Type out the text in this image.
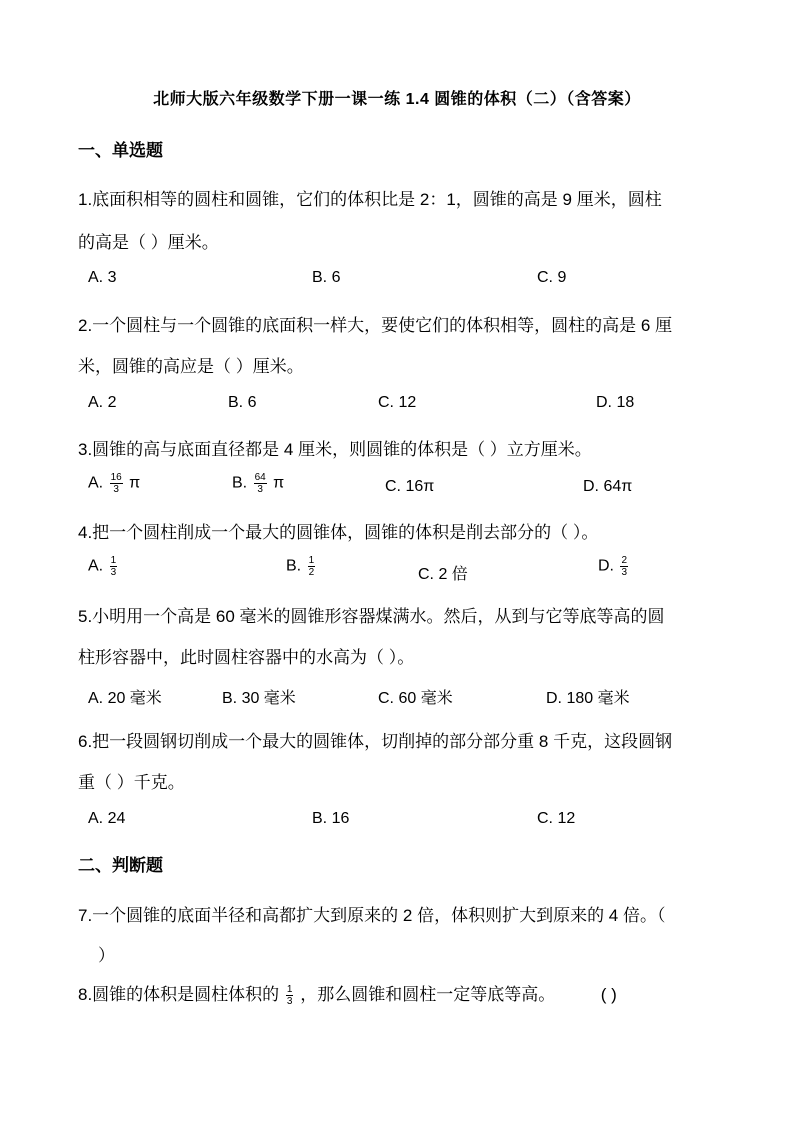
北师大版六年级数学下册一课一练 1.4 圆锥的体积（二）（含答案）
一、单选题
1.底面积相等的圆柱和圆锥，它们的体积比是 2：1，圆锥的高是 9 厘米，圆柱
的高是（ ）厘米。
A. 3	B. 6	C. 9
2.一个圆柱与一个圆锥的底面积一样大，要使它们的体积相等，圆柱的高是 6 厘
米，圆锥的高应是（ ）厘米。
A. 2	B. 6	C. 12	D. 18
3.圆锥的高与底面直径都是 4 厘米，则圆锥的体积是（ ）立方厘米。
A. $\frac{16}{3}$ π	B. $\frac{64}{3}$ π	C. 16π	D. 64π
4.把一个圆柱削成一个最大的圆锥体，圆锥的体积是削去部分的（ ）。
A. $\frac{1}{3}$	B. $\frac{1}{2}$	C. 2 倍	D. $\frac{2}{3}$
5.小明用一个高是 60 毫米的圆锥形容器煤满水。然后，从到与它等底等高的圆
柱形容器中，此时圆柱容器中的水高为（ ）。
A. 20 毫米	B. 30 毫米	C. 60 毫米	D. 180 毫米
6.把一段圆钢切削成一个最大的圆锥体，切削掉的部分部分重 8 千克，这段圆钢
重（ ）千克。
A. 24	B. 16	C. 12
二、判断题
7.一个圆锥的底面半径和高都扩大到原来的 2 倍，体积则扩大到原来的 4 倍。（
）
8.圆锥的体积是圆柱体积的 $\frac{1}{3}$ ，那么圆锥和圆柱一定等底等高。	( )
